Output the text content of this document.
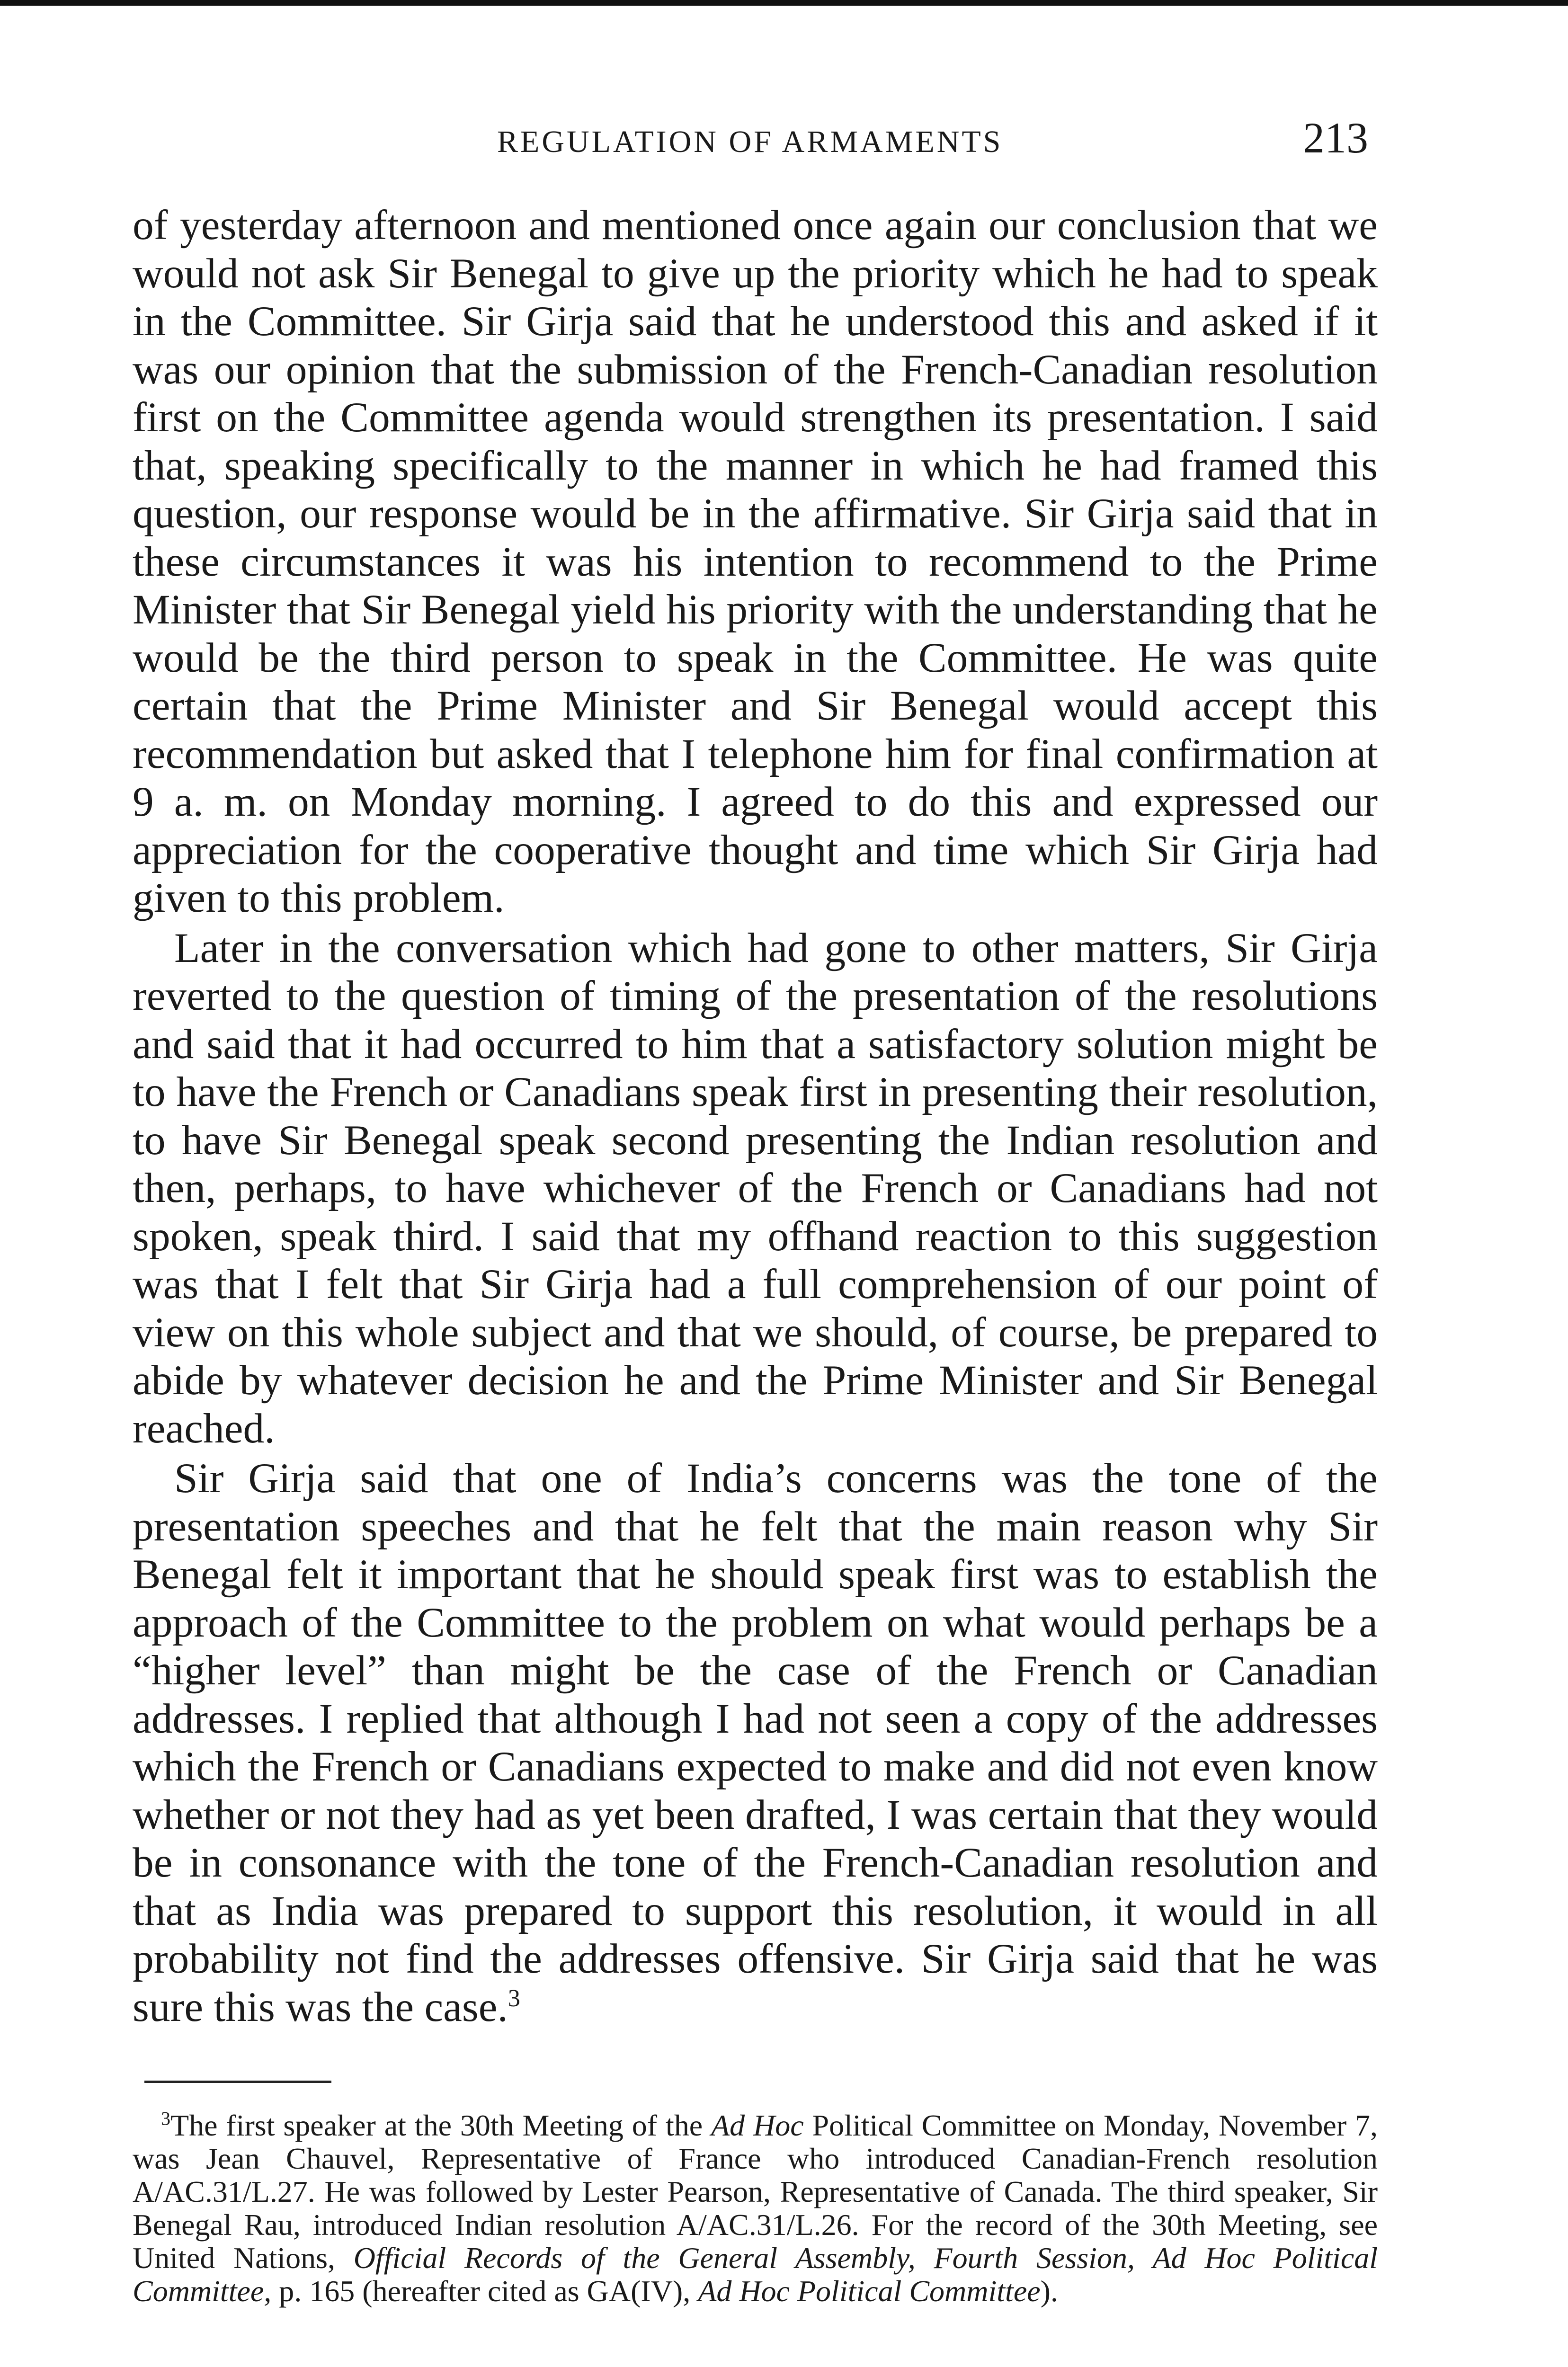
REGULATION OF ARMAMENTS	213

of yesterday afternoon and mentioned once again our conclusion that we would not ask Sir Benegal to give up the priority which he had to speak in the Committee. Sir Girja said that he understood this and asked if it was our opinion that the submission of the French-Canadian resolution first on the Committee agenda would strengthen its presentation. I said that, speaking specifically to the manner in which he had framed this question, our response would be in the affirmative. Sir Girja said that in these circumstances it was his intention to recommend to the Prime Minister that Sir Benegal yield his priority with the understanding that he would be the third person to speak in the Committee. He was quite certain that the Prime Minister and Sir Benegal would accept this recommendation but asked that I telephone him for final confirmation at 9 a. m. on Monday morning. I agreed to do this and expressed our appreciation for the cooperative thought and time which Sir Girja had given to this problem.

Later in the conversation which had gone to other matters, Sir Girja reverted to the question of timing of the presentation of the resolutions and said that it had occurred to him that a satisfactory solution might be to have the French or Canadians speak first in presenting their resolution, to have Sir Benegal speak second presenting the Indian resolution and then, perhaps, to have whichever of the French or Canadians had not spoken, speak third. I said that my offhand reaction to this suggestion was that I felt that Sir Girja had a full comprehension of our point of view on this whole subject and that we should, of course, be prepared to abide by whatever decision he and the Prime Minister and Sir Benegal reached.

Sir Girja said that one of India’s concerns was the tone of the presentation speeches and that he felt that the main reason why Sir Benegal felt it important that he should speak first was to establish the approach of the Committee to the problem on what would perhaps be a “higher level” than might be the case of the French or Canadian addresses. I replied that although I had not seen a copy of the addresses which the French or Canadians expected to make and did not even know whether or not they had as yet been drafted, I was certain that they would be in consonance with the tone of the French-Canadian resolution and that as India was prepared to support this resolution, it would in all probability not find the addresses offensive. Sir Girja said that he was sure this was the case.$^3$

$^3$The first speaker at the 30th Meeting of the Ad Hoc Political Committee on Monday, November 7, was Jean Chauvel, Representative of France who introduced Canadian-French resolution A/AC.31/L.27. He was followed by Lester Pearson, Representative of Canada. The third speaker, Sir Benegal Rau, introduced Indian resolution A/AC.31/L.26. For the record of the 30th Meeting, see United Nations, Official Records of the General Assembly, Fourth Session, Ad Hoc Political Committee, p. 165 (hereafter cited as GA(IV), Ad Hoc Political Committee).
